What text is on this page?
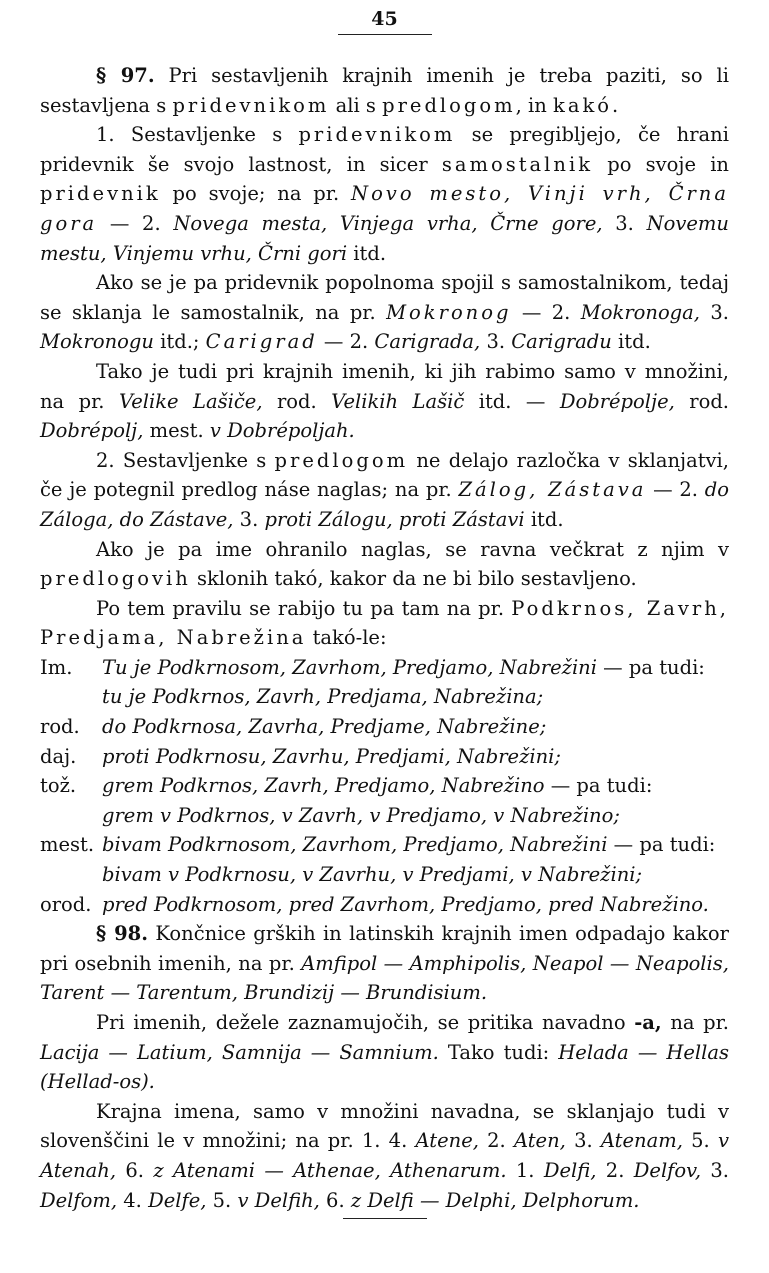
45

§ 97. Pri sestavljenih krajnih imenih je treba paziti, so li sestavljena s pridevnikom ali s predlogom, in kakó.

1. Sestavljenke s pridevnikom se pregibljejo, če hrani pridevnik še svojo lastnost, in sicer samostalnik po svoje in pridevnik po svoje; na pr. Novo mesto, Vinji vrh, Črna gora — 2. Novega mesta, Vinjega vrha, Črne gore, 3. Novemu mestu, Vinjemu vrhu, Črni gori itd.

Ako se je pa pridevnik popolnoma spojil s samostalnikom, tedaj se sklanja le samostalnik, na pr. Mokronog — 2. Mokronoga, 3. Mokronogu itd.; Carigrad — 2. Carigrada, 3. Carigradu itd.

Tako je tudi pri krajnih imenih, ki jih rabimo samo v množini, na pr. Velike Lašiče, rod. Velikih Lašič itd. — Dobrépolje, rod. Dobrépolj, mest. v Dobrépoljah.

2. Sestavljenke s predlogom ne delajo razločka v sklanjatvi, če je potegnil predlog náse naglas; na pr. Zálog, Zástava — 2. do Záloga, do Zástave, 3. proti Zálogu, proti Zástavi itd.

Ako je pa ime ohranilo naglas, se ravna večkrat z njim v predlogovih sklonih takó, kakor da ne bi bilo sestavljeno.

Po tem pravilu se rabijo tu pa tam na pr. Podkrnos, Zavrh, Predjama, Nabrežina takó-le:

Im.	Tu je Podkrnosom, Zavrhom, Predjamo, Nabrežini — pa tudi:
tu je Podkrnos, Zavrh, Predjama, Nabrežina;
rod.	do Podkrnosa, Zavrha, Predjame, Nabrežine;
daj.	proti Podkrnosu, Zavrhu, Predjami, Nabrežini;
tož.	grem Podkrnos, Zavrh, Predjamo, Nabrežino — pa tudi:
grem v Podkrnos, v Zavrh, v Predjamo, v Nabrežino;
mest. bivam Podkrnosom, Zavrhom, Predjamo, Nabrežini — pa tudi:
bivam v Podkrnosu, v Zavrhu, v Predjami, v Nabrežini;
orod. pred Podkrnosom, pred Zavrhom, Predjamo, pred Nabrežino.

§ 98. Končnice grških in latinskih krajnih imen odpadajo kakor pri osebnih imenih, na pr. Amfipol — Amphipolis, Neapol — Neapolis, Tarent — Tarentum, Brundizij — Brundisium.

Pri imenih, dežele zaznamujočih, se pritika navadno -a, na pr. Lacija — Latium, Samnija — Samnium. Tako tudi: Helada — Hellas (Hellad-os).

Krajna imena, samo v množini navadna, se sklanjajo tudi v slovenščini le v množini; na pr. 1. 4. Atene, 2. Aten, 3. Atenam, 5. v Atenah, 6. z Atenami — Athenae, Athenarum. 1. Delfi, 2. Delfov, 3. Delfom, 4. Delfe, 5. v Delfih, 6. z Delfi — Delphi, Delphorum.
